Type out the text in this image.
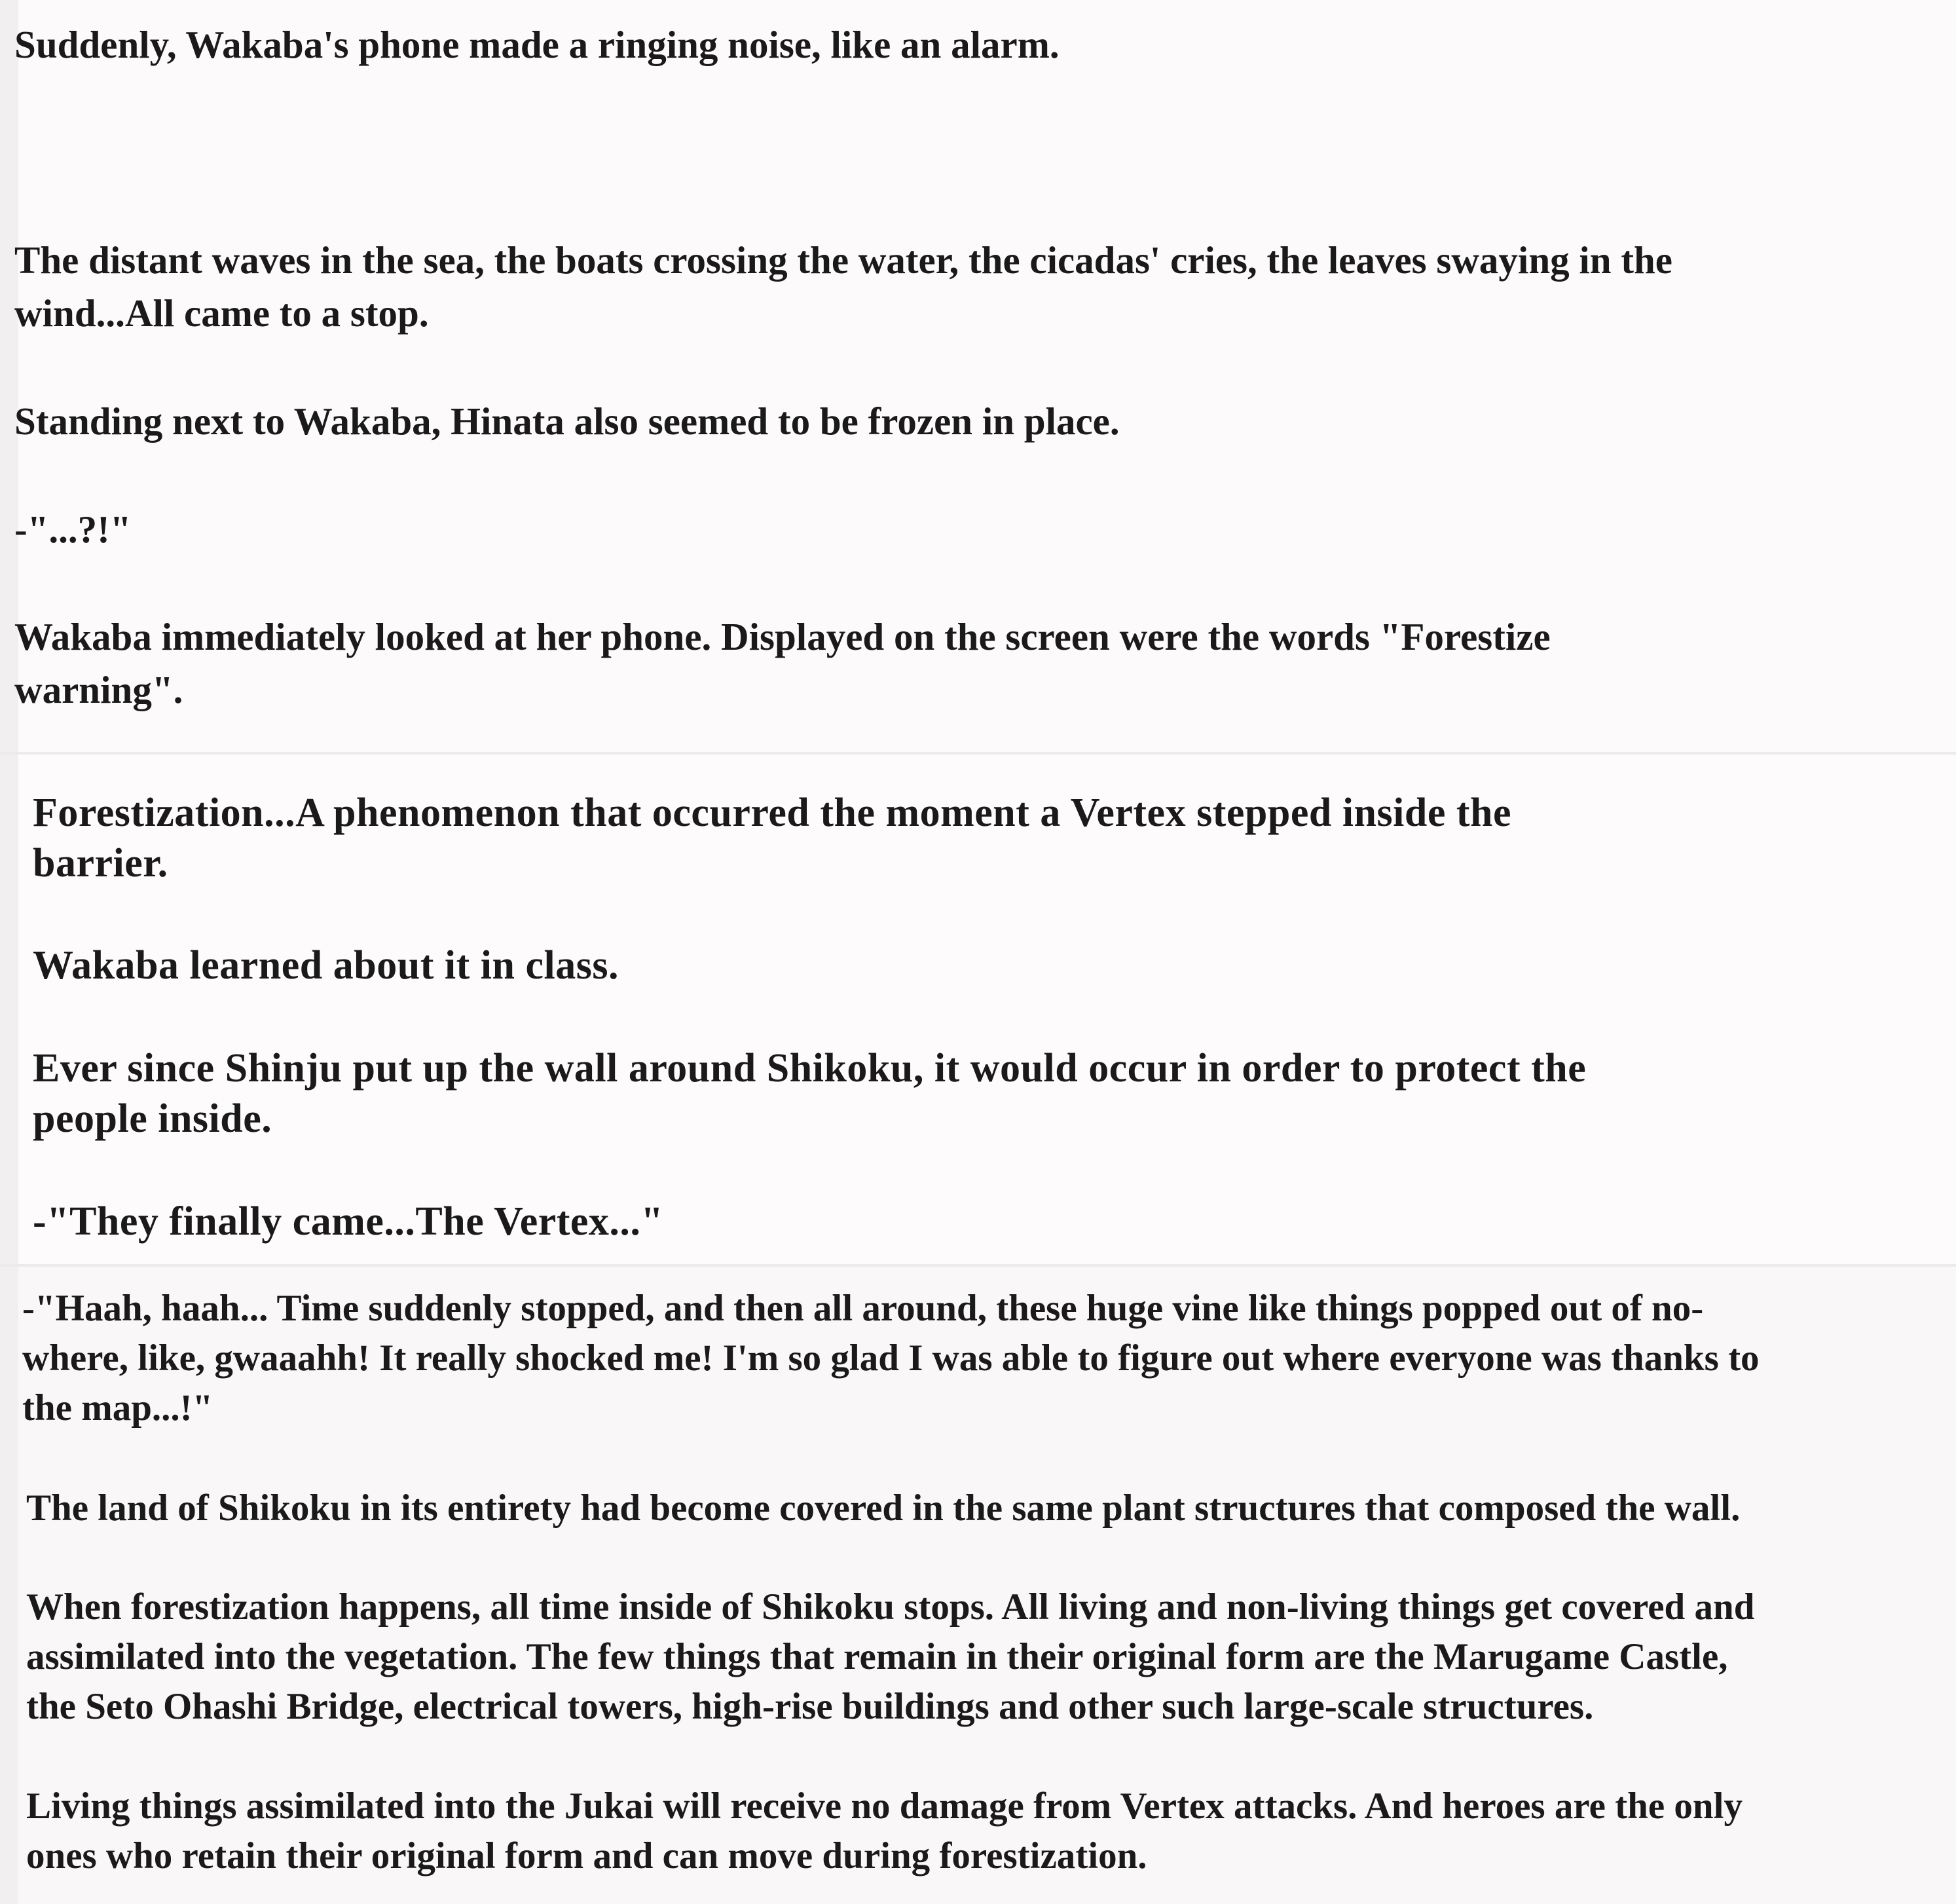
Suddenly, Wakaba's phone made a ringing noise, like an alarm.
The distant waves in the sea, the boats crossing the water, the cicadas' cries, the leaves swaying in the
wind...All came to a stop.
Standing next to Wakaba, Hinata also seemed to be frozen in place.
-"...?!"
Wakaba immediately looked at her phone. Displayed on the screen were the words "Forestize
warning".
Forestization...A phenomenon that occurred the moment a Vertex stepped inside the
barrier.
Wakaba learned about it in class.
Ever since Shinju put up the wall around Shikoku, it would occur in order to protect the
people inside.
-"They finally came...The Vertex..."
-"Haah, haah... Time suddenly stopped, and then all around, these huge vine like things popped out of no-
where, like, gwaaahh! It really shocked me! I'm so glad I was able to figure out where everyone was thanks to
the map...!"
The land of Shikoku in its entirety had become covered in the same plant structures that composed the wall.
When forestization happens, all time inside of Shikoku stops. All living and non-living things get covered and
assimilated into the vegetation. The few things that remain in their original form are the Marugame Castle,
the Seto Ohashi Bridge, electrical towers, high-rise buildings and other such large-scale structures.
Living things assimilated into the Jukai will receive no damage from Vertex attacks. And heroes are the only
ones who retain their original form and can move during forestization.
